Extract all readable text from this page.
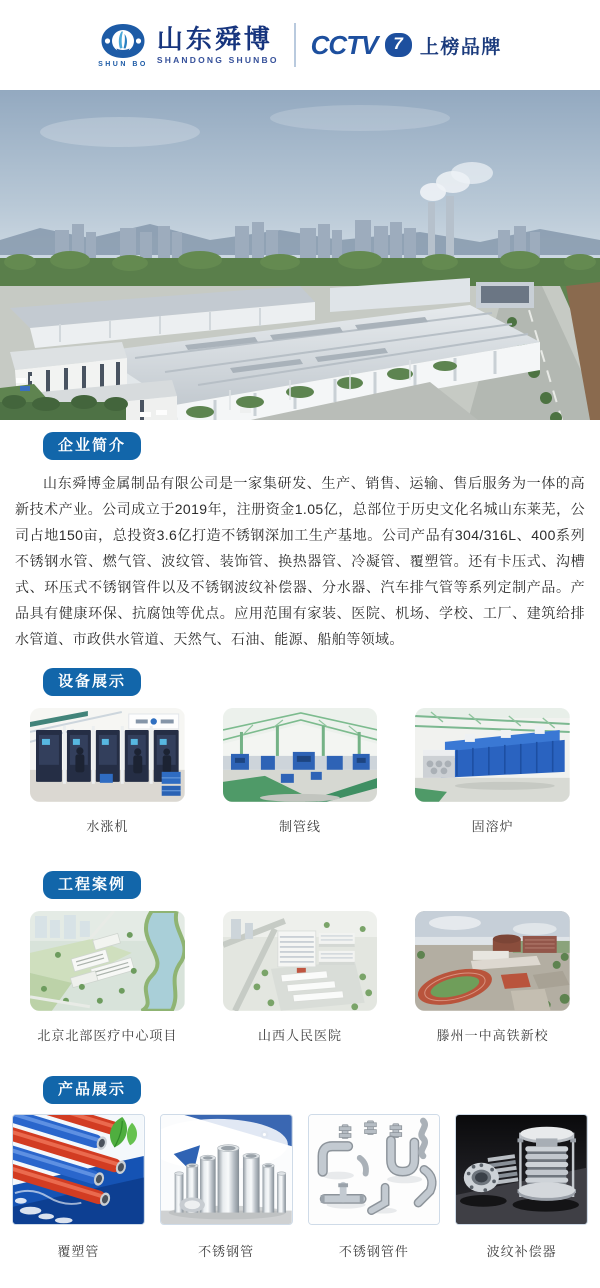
SHUN BO
山东舜博
SHANDONG SHUNBO CCTV 7 上榜品牌
企业简介

山东舜博金属制品有限公司是一家集研发、生产、销售、运输、售后服务为一体的高新技术产业。公司成立于2019年，注册资金1.05亿，总部位于历史文化名城山东莱芜，公司占地150亩，总投资3.6亿打造不锈钢深加工生产基地。公司产品有304/316L、400系列不锈钢水管、燃气管、波纹管、装饰管、换热器管、冷凝管、覆塑管。还有卡压式、沟槽式、环压式不锈钢管件以及不锈钢波纹补偿器、分水器、汽车排气管等系列定制产品。产品具有健康环保、抗腐蚀等优点。应用范围有家装、医院、机场、学校、工厂、建筑给排水管道、市政供水管道、天然气、石油、能源、船舶等领域。

设备展示
水涨机	制管线	固溶炉
工程案例
北京北部医疗中心项目	山西人民医院	滕州一中高铁新校
产品展示
覆塑管	不锈钢管	不锈钢管件	波纹补偿器
